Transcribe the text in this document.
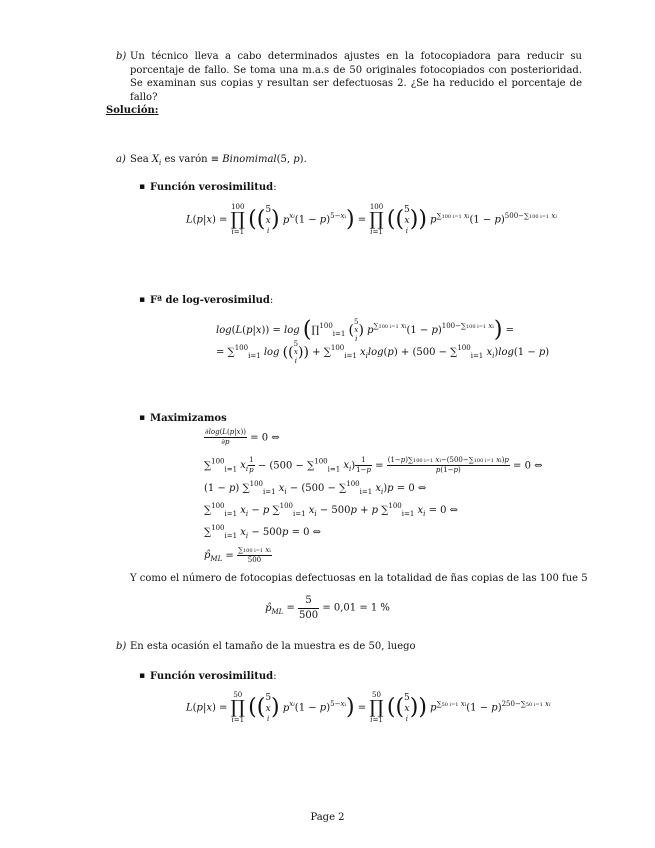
b) Un técnico lleva a cabo determinados ajustes en la fotocopiadora para reducir su porcentaje de fallo. Se toma una m.a.s de 50 originales fotocopiados con posterioridad. Se examinan sus copias y resultan ser defectuosas 2. ¿Se ha reducido el porcentaje de fallo?
Solución:
a) Sea $X_i$ es varón ≡ Binomimal(5, p).
▪ Función verosimilitud:
L(p|x) =
100
∏
i=1 (( 5
x
i ) $p^{xi}(1 - p)^{5-xi}$) =
100
∏
i=1 (( 5
x
i )) $p^{\sum 100 i=1 xi}(1 - p)^{500-\sum 100 i=1 xi}$
▪ Fª de log-verosimilud:
log(L(p|x)) = log (∏$^{100}_{i=1}$ (
5
x
i
) $p^{\sum 100 i=1 xi}(1 - p)^{100-\sum 100 i=1 xi}$) =
= ∑$^{100}_{i=1}$ log ((
5
x
i
)) + ∑$^{100}_{i=1}$ $x_i\log(p) + (500 - \sum^{100}_{i=1}$ $x_i)\log(1 - p)$
▪ Maximizamos
$\frac{\partial\log(L(p|x))}{\partial p} = 0$ ⇔
∑$^{100}_{i=1}$ $x_i \frac{1}{p} - (500 - \sum^{100}_{i=1}$ $x_i) \frac{1}{1-p} = \frac{(1-p)\sum 100 i=1 xi-(500-\sum 100 i=1 xi)p}{p(1-p)} = 0$ ⇔
(1 − p) ∑$^{100}_{i=1}$ $x_i - (500 - \sum^{100}_{i=1}$ $x_i)p = 0$ ⇔
∑$^{100}_{i=1}$ $x_i - p$ ∑$^{100}_{i=1}$ $x_i - 500p + p$ ∑$^{100}_{i=1}$ $x_i = 0$ ⇔
∑$^{100}_{i=1}$ $x_i - 500p = 0$ ⇔
$p̂_{ML} = \frac{\sum 100 i=1 xi}{500}$
Y como el número de fotocopias defectuosas en la totalidad de ñas copias de las 100 fue 5
$p̂_{ML} = \frac{5}{500} = 0,01 = 1$ %
b) En esta ocasión el tamaño de la muestra es de 50, luego
▪ Función verosimilitud:
L(p|x) =
50
∏
i=1 (( 5
x
i ) $p^{xi}(1 - p)^{5-xi}$) =
50
∏
i=1 (( 5
x
i )) $p^{\sum 50 i=1 xi}(1 - p)^{250-\sum 50 i=1 xi}$
Page 2
